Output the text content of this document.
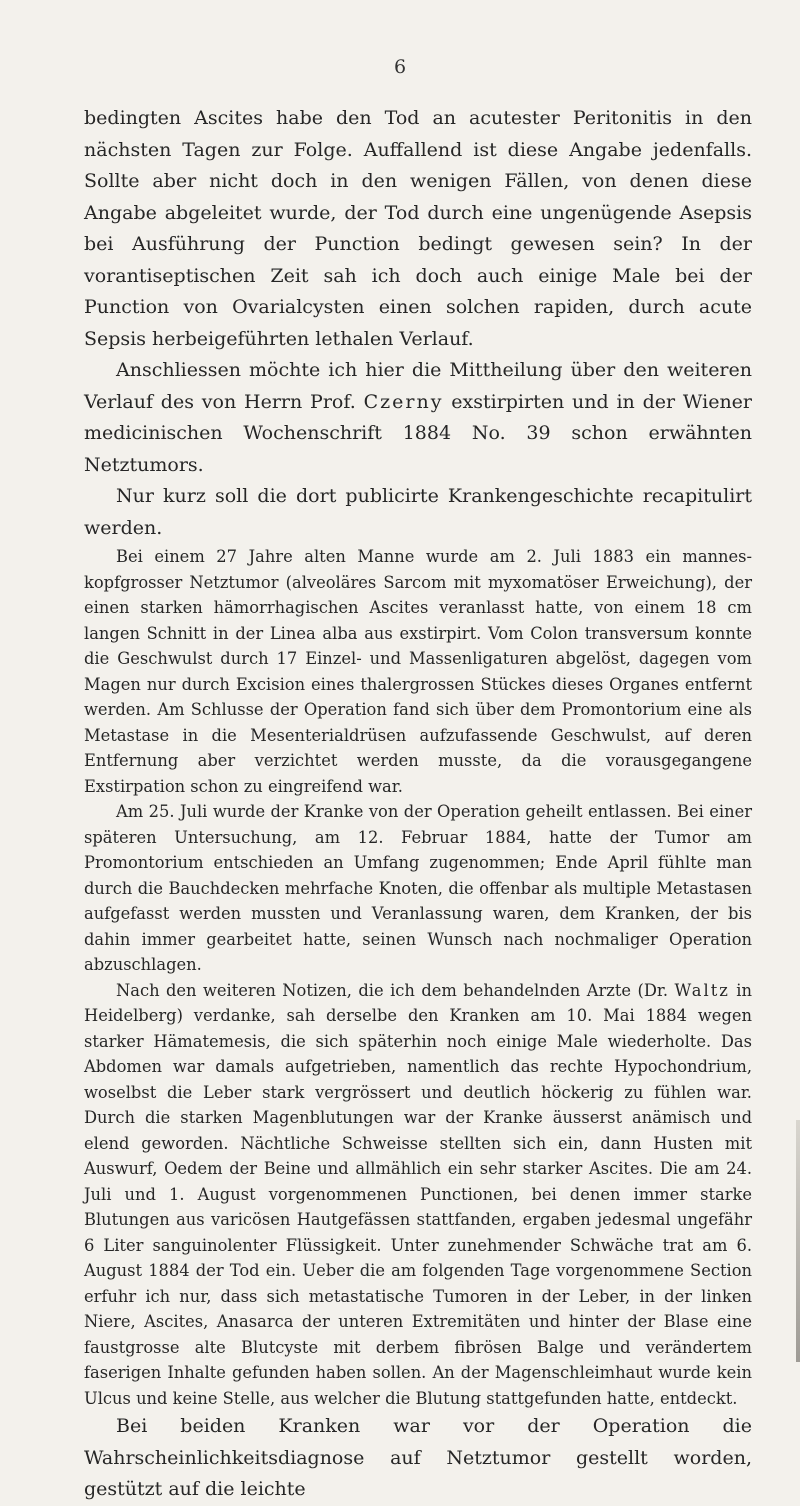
6

bedingten Ascites habe den Tod an acutester Peritonitis in den nächsten Tagen zur Folge. Auffallend ist diese Angabe jedenfalls. Sollte aber nicht doch in den wenigen Fällen, von denen diese Angabe abgeleitet wurde, der Tod durch eine ungenügende Asepsis bei Ausführung der Punction bedingt gewesen sein? In der vorantiseptischen Zeit sah ich doch auch einige Male bei der Punction von Ovarialcysten einen solchen rapiden, durch acute Sepsis herbeigeführten lethalen Verlauf.

Anschliessen möchte ich hier die Mittheilung über den weiteren Verlauf des von Herrn Prof. Czerny exstirpirten und in der Wiener medicinischen Wochenschrift 1884 No. 39 schon erwähnten Netztumors.

Nur kurz soll die dort publicirte Krankengeschichte recapitulirt werden.

Bei einem 27 Jahre alten Manne wurde am 2. Juli 1883 ein mannes-kopfgrosser Netztumor (alveoläres Sarcom mit myxomatöser Erweichung), der einen starken hämorrhagischen Ascites veranlasst hatte, von einem 18 cm langen Schnitt in der Linea alba aus exstirpirt. Vom Colon transversum konnte die Geschwulst durch 17 Einzel- und Massenligaturen abgelöst, dagegen vom Magen nur durch Excision eines thalergrossen Stückes dieses Organes entfernt werden. Am Schlusse der Operation fand sich über dem Promontorium eine als Metastase in die Mesenterialdrüsen aufzufassende Geschwulst, auf deren Entfernung aber verzichtet werden musste, da die vorausgegangene Exstirpation schon zu eingreifend war.

Am 25. Juli wurde der Kranke von der Operation geheilt entlassen. Bei einer späteren Untersuchung, am 12. Februar 1884, hatte der Tumor am Promontorium entschieden an Umfang zugenommen; Ende April fühlte man durch die Bauchdecken mehrfache Knoten, die offenbar als multiple Metastasen aufgefasst werden mussten und Veranlassung waren, dem Kranken, der bis dahin immer gearbeitet hatte, seinen Wunsch nach nochmaliger Operation abzuschlagen.

Nach den weiteren Notizen, die ich dem behandelnden Arzte (Dr. Waltz in Heidelberg) verdanke, sah derselbe den Kranken am 10. Mai 1884 wegen starker Hämatemesis, die sich späterhin noch einige Male wiederholte. Das Abdomen war damals aufgetrieben, namentlich das rechte Hypochondrium, woselbst die Leber stark vergrössert und deutlich höckerig zu fühlen war. Durch die starken Magenblutungen war der Kranke äusserst anämisch und elend geworden. Nächtliche Schweisse stellten sich ein, dann Husten mit Auswurf, Oedem der Beine und allmählich ein sehr starker Ascites. Die am 24. Juli und 1. August vorgenommenen Punctionen, bei denen immer starke Blutungen aus varicösen Hautgefässen stattfanden, ergaben jedesmal ungefähr 6 Liter sanguinolenter Flüssigkeit. Unter zunehmender Schwäche trat am 6. August 1884 der Tod ein. Ueber die am folgenden Tage vorgenommene Section erfuhr ich nur, dass sich metastatische Tumoren in der Leber, in der linken Niere, Ascites, Anasarca der unteren Extremitäten und hinter der Blase eine faustgrosse alte Blutcyste mit derbem fibrösen Balge und verändertem faserigen Inhalte gefunden haben sollen. An der Magenschleimhaut wurde kein Ulcus und keine Stelle, aus welcher die Blutung stattgefunden hatte, entdeckt.

Bei beiden Kranken war vor der Operation die Wahrscheinlichkeitsdiagnose auf Netztumor gestellt worden, gestützt auf die leichte
